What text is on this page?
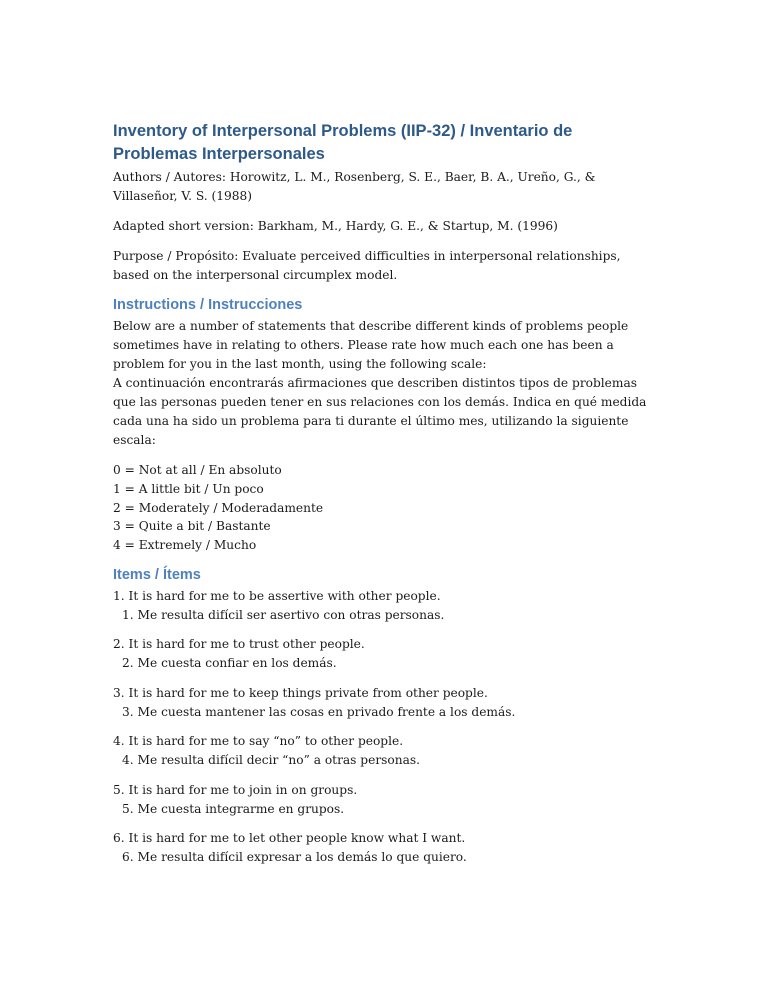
Inventory of Interpersonal Problems (IIP-32) / Inventario de Problemas Interpersonales

Authors / Autores: Horowitz, L. M., Rosenberg, S. E., Baer, B. A., Ureño, G., & Villaseñor, V. S. (1988)

Adapted short version: Barkham, M., Hardy, G. E., & Startup, M. (1996)

Purpose / Propósito: Evaluate perceived difficulties in interpersonal relationships, based on the interpersonal circumplex model.

Instructions / Instrucciones

Below are a number of statements that describe different kinds of problems people sometimes have in relating to others. Please rate how much each one has been a problem for you in the last month, using the following scale:

A continuación encontrarás afirmaciones que describen distintos tipos de problemas que las personas pueden tener en sus relaciones con los demás. Indica en qué medida cada una ha sido un problema para ti durante el último mes, utilizando la siguiente escala:

0 = Not at all / En absoluto
1 = A little bit / Un poco
2 = Moderately / Moderadamente
3 = Quite a bit / Bastante
4 = Extremely / Mucho
Items / Ítems
1. It is hard for me to be assertive with other people.
1. Me resulta difícil ser asertivo con otras personas.
2. It is hard for me to trust other people.
2. Me cuesta confiar en los demás.
3. It is hard for me to keep things private from other people.
3. Me cuesta mantener las cosas en privado frente a los demás.
4. It is hard for me to say “no” to other people.
4. Me resulta difícil decir “no” a otras personas.
5. It is hard for me to join in on groups.
5. Me cuesta integrarme en grupos.
6. It is hard for me to let other people know what I want.
6. Me resulta difícil expresar a los demás lo que quiero.
